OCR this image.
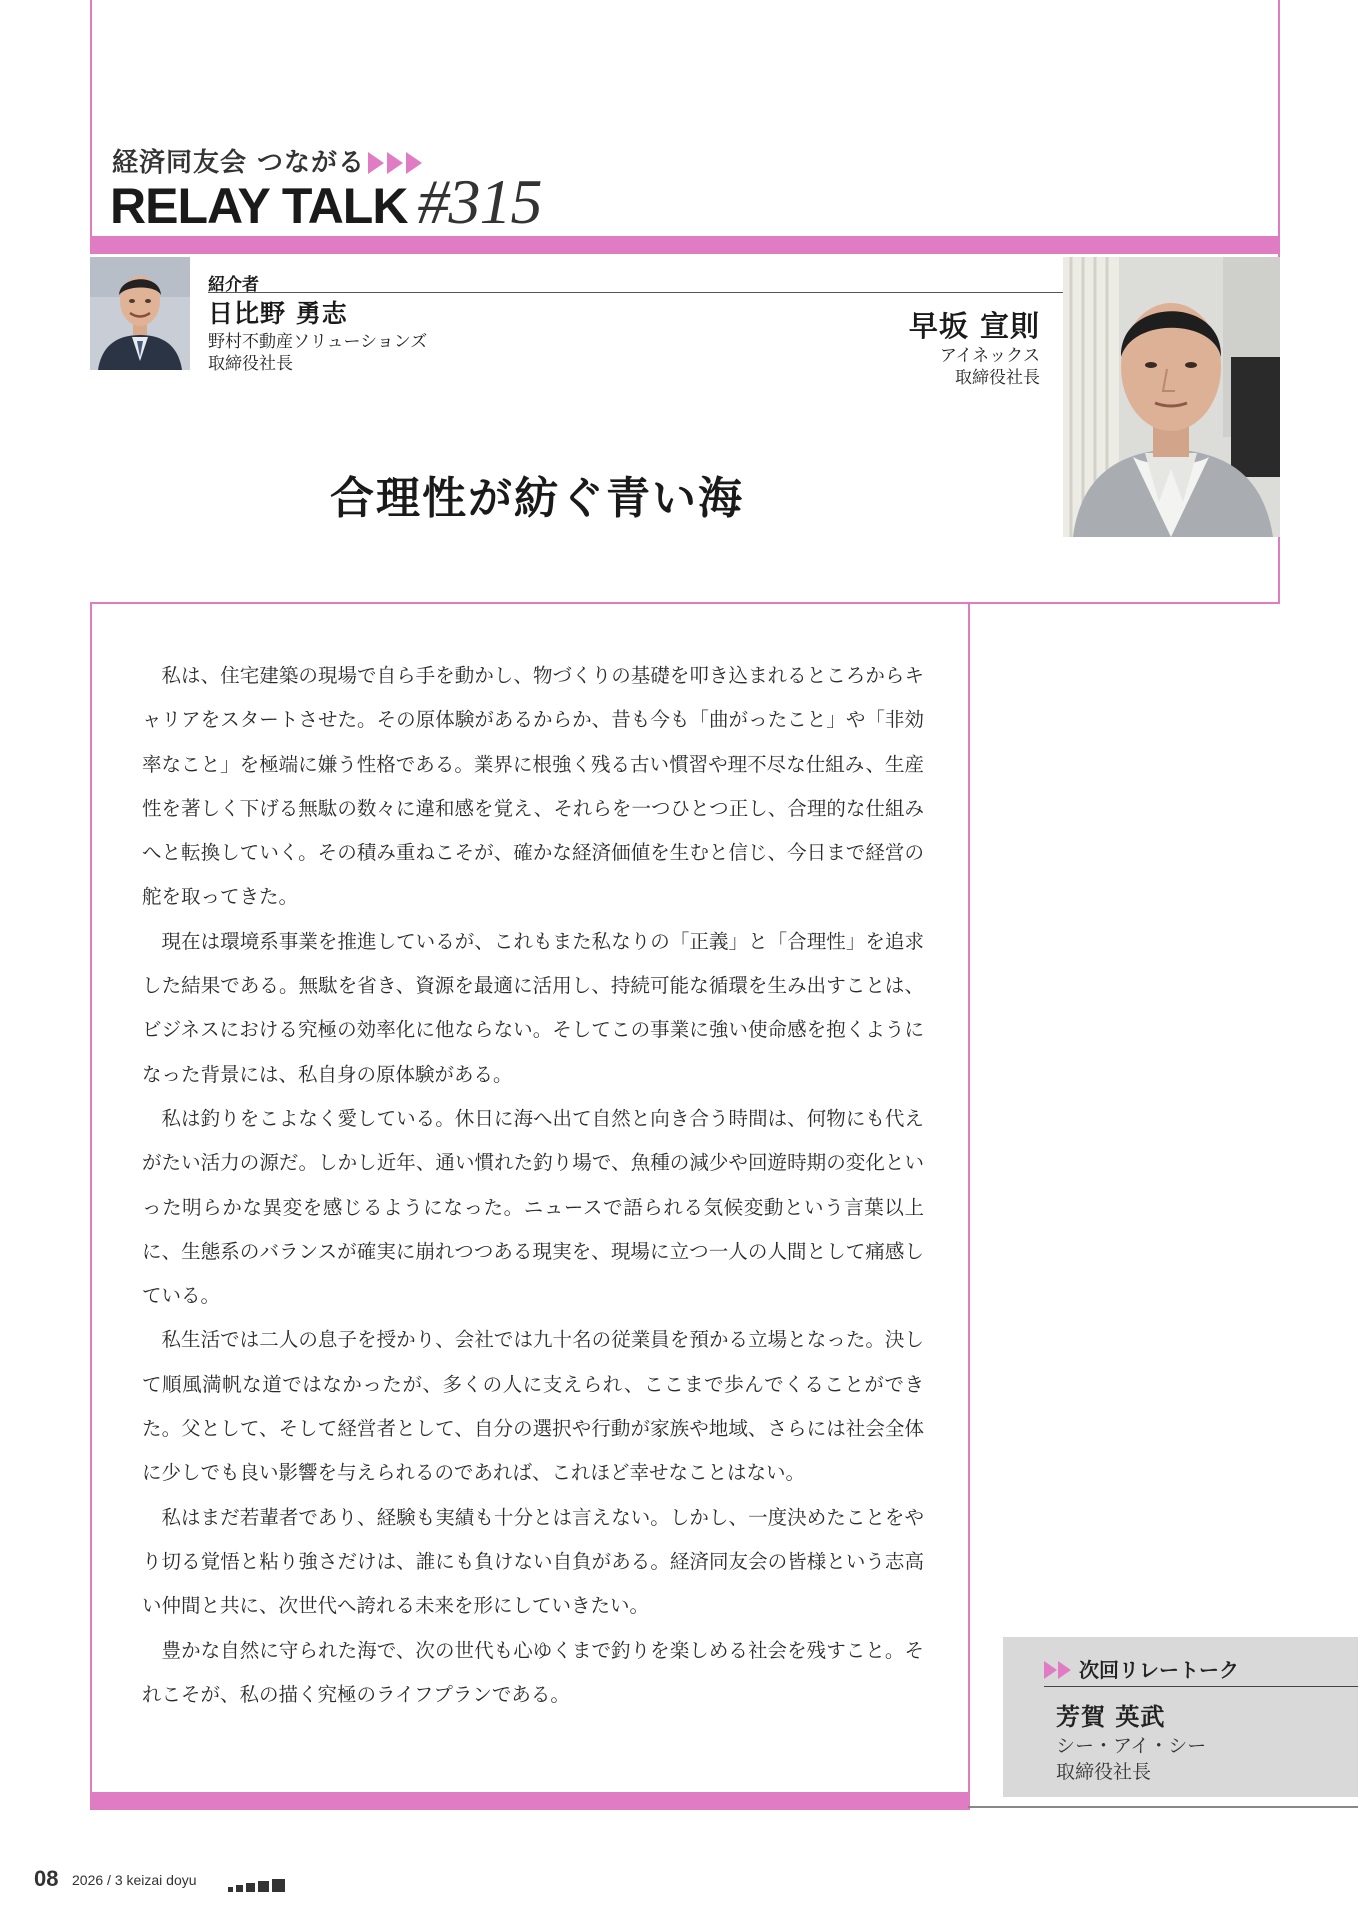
経済同友会 つながる
RELAY TALK #315
紹介者
日比野 勇志
野村不動産ソリューションズ
取締役社長
早坂 宣則
アイネックス
取締役社長
合理性が紡ぐ青い海

私は、住宅建築の現場で自ら手を動かし、物づくりの基礎を叩き込まれるところからキャリアをスタートさせた。その原体験があるからか、昔も今も「曲がったこと」や「非効率なこと」を極端に嫌う性格である。業界に根強く残る古い慣習や理不尽な仕組み、生産性を著しく下げる無駄の数々に違和感を覚え、それらを一つひとつ正し、合理的な仕組みへと転換していく。その積み重ねこそが、確かな経済価値を生むと信じ、今日まで経営の舵を取ってきた。

現在は環境系事業を推進しているが、これもまた私なりの「正義」と「合理性」を追求した結果である。無駄を省き、資源を最適に活用し、持続可能な循環を生み出すことは、ビジネスにおける究極の効率化に他ならない。そしてこの事業に強い使命感を抱くようになった背景には、私自身の原体験がある。

私は釣りをこよなく愛している。休日に海へ出て自然と向き合う時間は、何物にも代えがたい活力の源だ。しかし近年、通い慣れた釣り場で、魚種の減少や回遊時期の変化といった明らかな異変を感じるようになった。ニュースで語られる気候変動という言葉以上に、生態系のバランスが確実に崩れつつある現実を、現場に立つ一人の人間として痛感している。

私生活では二人の息子を授かり、会社では九十名の従業員を預かる立場となった。決して順風満帆な道ではなかったが、多くの人に支えられ、ここまで歩んでくることができた。父として、そして経営者として、自分の選択や行動が家族や地域、さらには社会全体に少しでも良い影響を与えられるのであれば、これほど幸せなことはない。

私はまだ若輩者であり、経験も実績も十分とは言えない。しかし、一度決めたことをやり切る覚悟と粘り強さだけは、誰にも負けない自負がある。経済同友会の皆様という志高い仲間と共に、次世代へ誇れる未来を形にしていきたい。

豊かな自然に守られた海で、次の世代も心ゆくまで釣りを楽しめる社会を残すこと。それこそが、私の描く究極のライフプランである。

次回リレートーク
芳賀 英武
シー・アイ・シー
取締役社長
08 2026 / 3 keizai doyu
